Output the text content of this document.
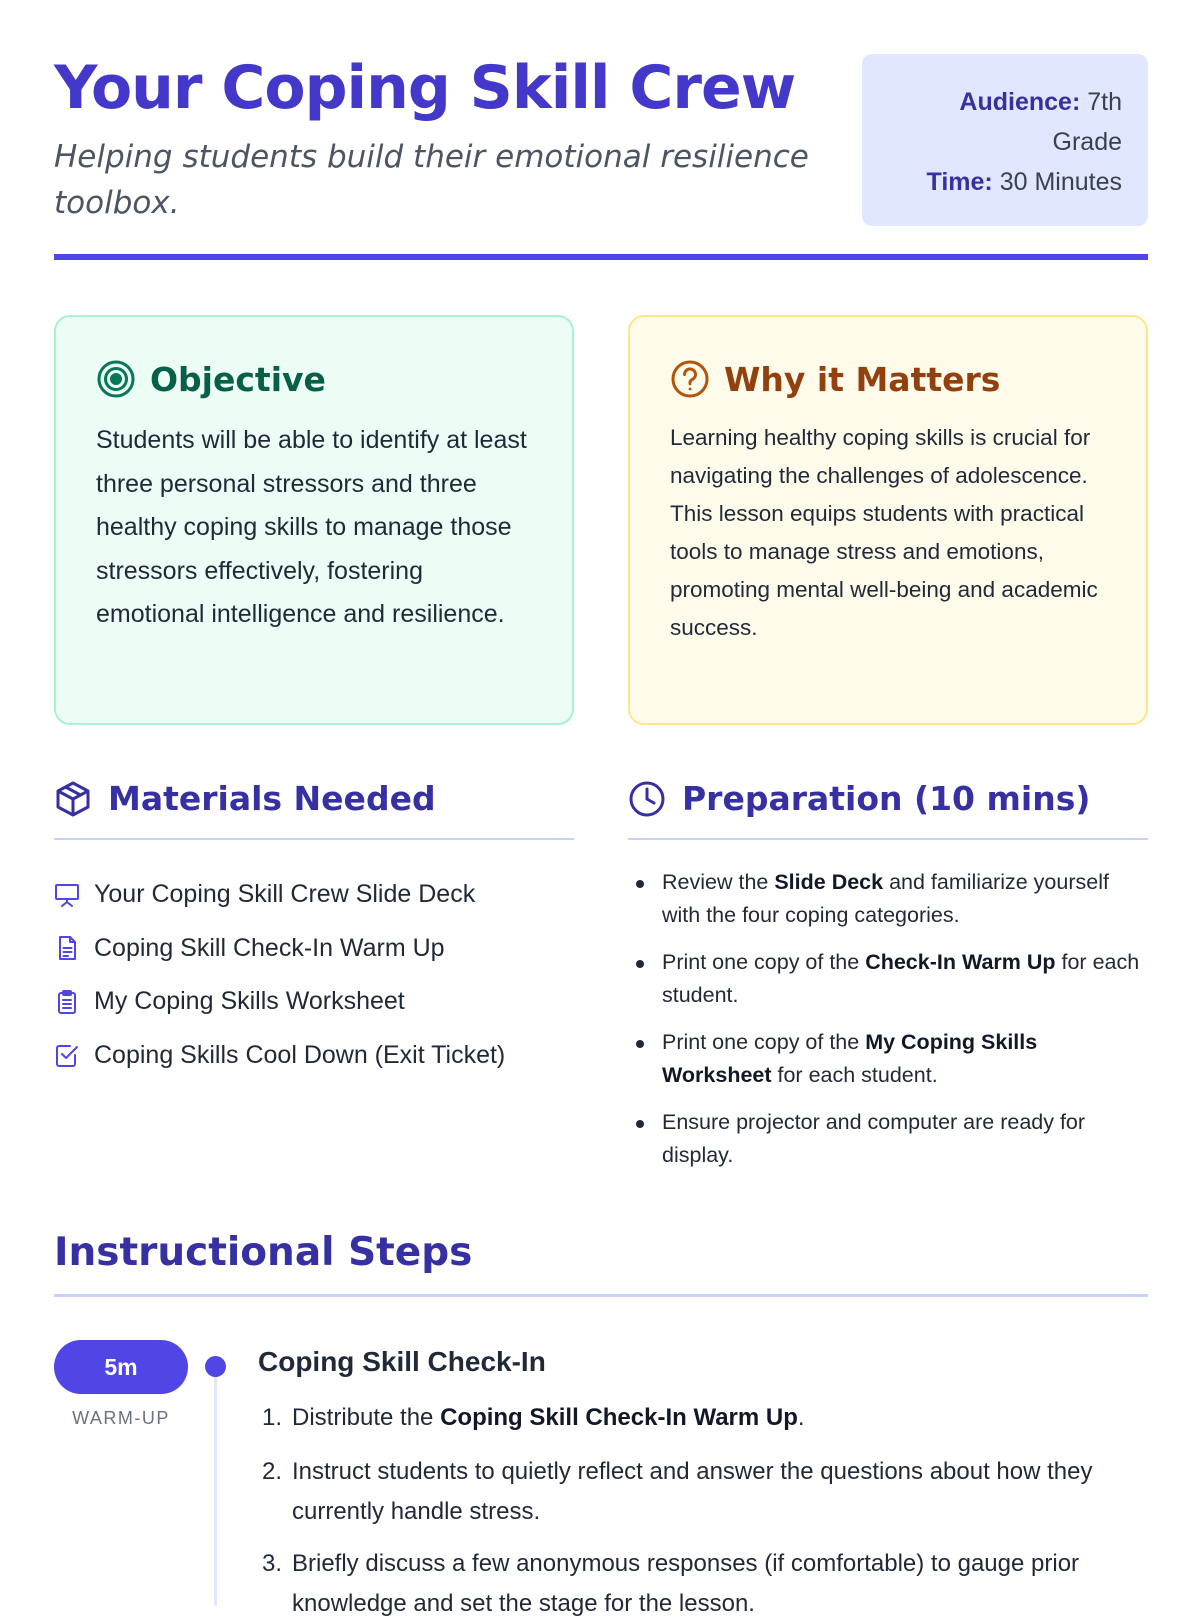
Your Coping Skill Crew

Helping students build their emotional resilience toolbox.

Audience: 7th Grade
Time: 30 Minutes
Objective

Students will be able to identify at least three personal stressors and three healthy coping skills to manage those stressors effectively, fostering emotional intelligence and resilience.

Why it Matters

Learning healthy coping skills is crucial for navigating the challenges of adolescence. This lesson equips students with practical tools to manage stress and emotions, promoting mental well-being and academic success.

Materials Needed
Your Coping Skill Crew Slide Deck
Coping Skill Check-In Warm Up
My Coping Skills Worksheet
Coping Skills Cool Down (Exit Ticket)
Preparation (10 mins)
Review the Slide Deck and familiarize yourself with the four coping categories.
Print one copy of the Check-In Warm Up for each student.
Print one copy of the My Coping Skills Worksheet for each student.
Ensure projector and computer are ready for display.
Instructional Steps
5m
WARM-UP
Coping Skill Check-In
1. Distribute the Coping Skill Check-In Warm Up.
2. Instruct students to quietly reflect and answer the questions about how they currently handle stress.
3. Briefly discuss a few anonymous responses (if comfortable) to gauge prior knowledge and set the stage for the lesson.
